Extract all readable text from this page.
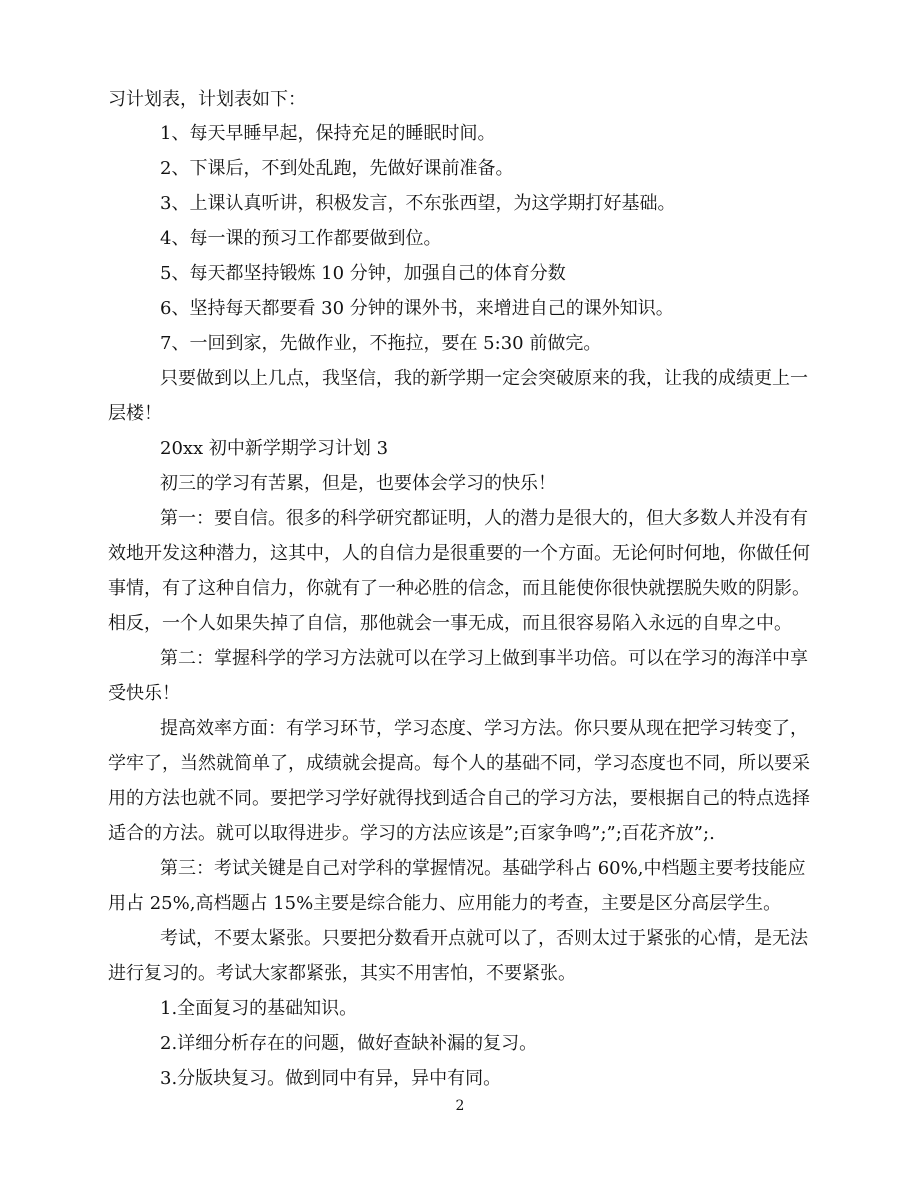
习计划表，计划表如下：
1、每天早睡早起，保持充足的睡眠时间。
2、下课后，不到处乱跑，先做好课前准备。
3、上课认真听讲，积极发言，不东张西望，为这学期打好基础。
4、每一课的预习工作都要做到位。
5、每天都坚持锻炼 10 分钟，加强自己的体育分数
6、坚持每天都要看 30 分钟的课外书，来增进自己的课外知识。
7、一回到家，先做作业，不拖拉，要在 5:30 前做完。
只要做到以上几点，我坚信，我的新学期一定会突破原来的我，让我的成绩更上一
层楼！
20xx 初中新学期学习计划 3
初三的学习有苦累，但是，也要体会学习的快乐！
第一：要自信。很多的科学研究都证明，人的潜力是很大的，但大多数人并没有有
效地开发这种潜力，这其中，人的自信力是很重要的一个方面。无论何时何地，你做任何
事情，有了这种自信力，你就有了一种必胜的信念，而且能使你很快就摆脱失败的阴影。
相反，一个人如果失掉了自信，那他就会一事无成，而且很容易陷入永远的自卑之中。
第二：掌握科学的学习方法就可以在学习上做到事半功倍。可以在学习的海洋中享
受快乐！
提高效率方面：有学习环节，学习态度、学习方法。你只要从现在把学习转变了，
学牢了，当然就简单了，成绩就会提高。每个人的基础不同，学习态度也不同，所以要采
用的方法也就不同。要把学习学好就得找到适合自己的学习方法，要根据自己的特点选择
适合的方法。就可以取得进步。学习的方法应该是”;百家争鸣”;”;百花齐放”;.
第三：考试关键是自己对学科的掌握情况。基础学科占 60%,中档题主要考技能应
用占 25%,高档题占 15%主要是综合能力、应用能力的考查，主要是区分高层学生。
考试，不要太紧张。只要把分数看开点就可以了，否则太过于紧张的心情，是无法
进行复习的。考试大家都紧张，其实不用害怕，不要紧张。
1.全面复习的基础知识。
2.详细分析存在的问题，做好查缺补漏的复习。
3.分版块复习。做到同中有异，异中有同。
2
